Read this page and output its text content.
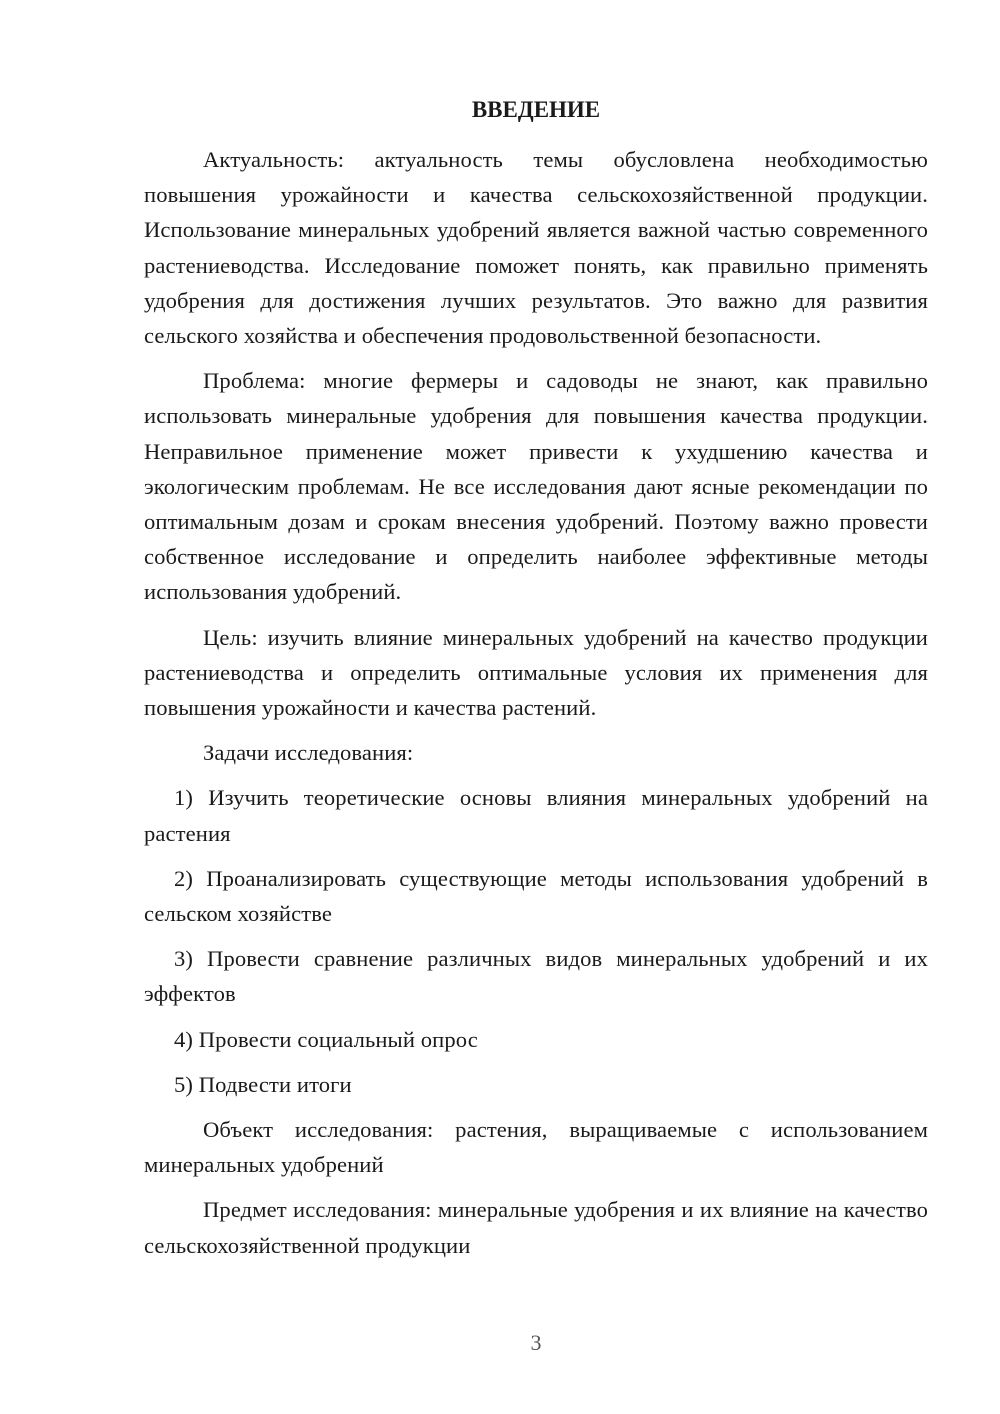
ВВЕДЕНИЕ

Актуальность: актуальность темы обусловлена необходимостью повышения урожайности и качества сельскохозяйственной продукции. Использование минеральных удобрений является важной частью современного растениеводства. Исследование поможет понять, как правильно применять удобрения для достижения лучших результатов. Это важно для развития сельского хозяйства и обеспечения продовольственной безопасности.

Проблема: многие фермеры и садоводы не знают, как правильно использовать минеральные удобрения для повышения качества продукции. Неправильное применение может привести к ухудшению качества и экологическим проблемам. Не все исследования дают ясные рекомендации по оптимальным дозам и срокам внесения удобрений. Поэтому важно провести собственное исследование и определить наиболее эффективные методы использования удобрений.

Цель: изучить влияние минеральных удобрений на качество продукции растениеводства и определить оптимальные условия их применения для повышения урожайности и качества растений.

Задачи исследования:

1) Изучить теоретические основы влияния минеральных удобрений на растения

2) Проанализировать существующие методы использования удобрений в сельском хозяйстве

3) Провести сравнение различных видов минеральных удобрений и их эффектов

4) Провести социальный опрос

5) Подвести итоги

Объект исследования: растения, выращиваемые с использованием минеральных удобрений

Предмет исследования: минеральные удобрения и их влияние на качество сельскохозяйственной продукции

3
